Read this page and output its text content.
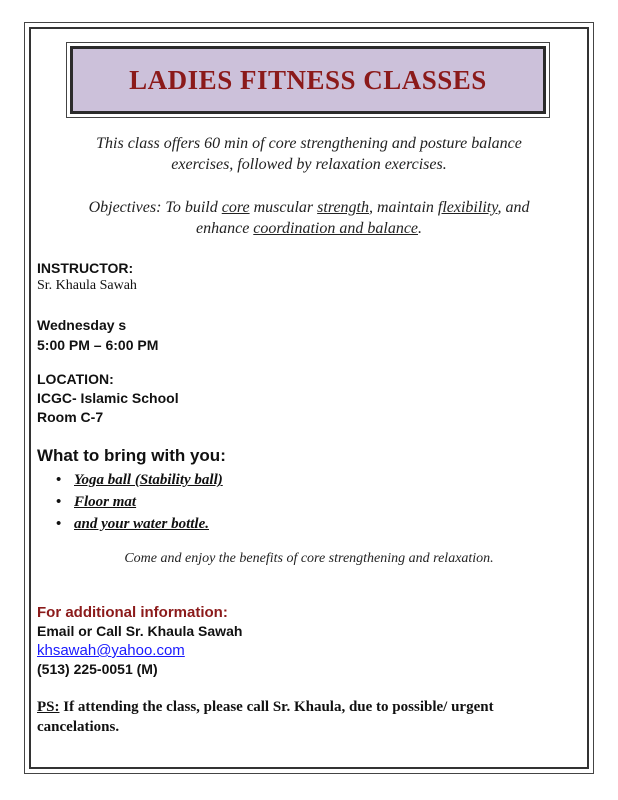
LADIES FITNESS CLASSES
This class offers 60 min of core strengthening and posture balance
exercises, followed by relaxation exercises.
Objectives: To build core muscular strength, maintain flexibility, and
enhance coordination and balance.
INSTRUCTOR:
Sr. Khaula Sawah
Wednesday s
5:00 PM – 6:00 PM
LOCATION:
ICGC- Islamic School
Room C-7
What to bring with you:
• Yoga ball (Stability ball)
• Floor mat
• and your water bottle.
Come and enjoy the benefits of core strengthening and relaxation.
For additional information:
Email or Call Sr. Khaula Sawah
khsawah@yahoo.com
(513) 225-0051 (M)
PS: If attending the class, please call Sr. Khaula, due to possible/ urgent
cancelations.
